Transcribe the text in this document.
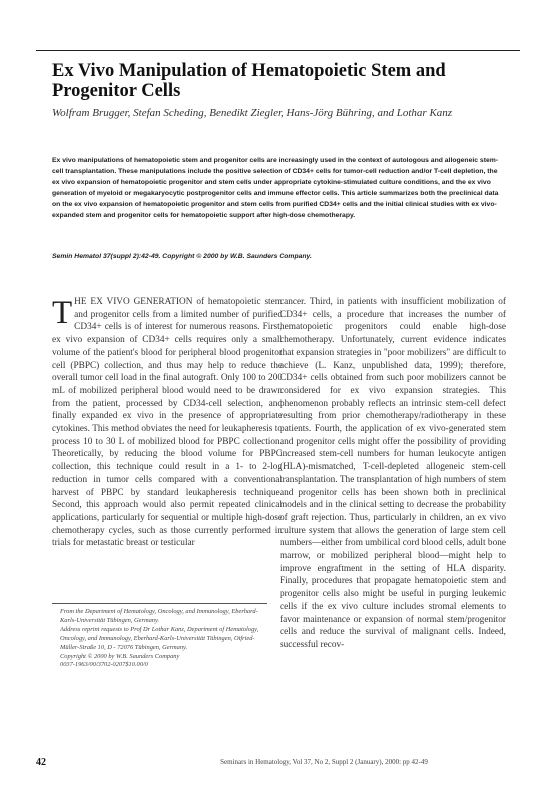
Ex Vivo Manipulation of Hematopoietic Stem and Progenitor Cells

Wolfram Brugger, Stefan Scheding, Benedikt Ziegler, Hans-Jörg Bühring, and Lothar Kanz

Ex vivo manipulations of hematopoietic stem and progenitor cells are increasingly used in the context of autologous and allogeneic stem-cell transplantation. These manipulations include the positive selection of CD34+ cells for tumor-cell reduction and/or T-cell depletion, the ex vivo expansion of hematopoietic progenitor and stem cells under appropriate cytokine-stimulated culture conditions, and the ex vivo generation of myeloid or megakaryocytic postprogenitor cells and immune effector cells. This article summarizes both the preclinical data on the ex vivo expansion of hematopoietic progenitor and stem cells from purified CD34+ cells and the initial clinical studies with ex vivo- expanded stem and progenitor cells for hematopoietic support after high-dose chemotherapy.

Semin Hematol 37(suppl 2):42-49. Copyright © 2000 by W.B. Saunders Company.

T HE EX VIVO GENERATION of hematopoietic stem and progenitor cells from a limited number of purified CD34+ cells is of interest for numerous reasons. First, ex vivo expansion of CD34+ cells requires only a small volume of the patient's blood for peripheral blood progenitor cell (PBPC) collection, and thus may help to reduce the overall tumor cell load in the final autograft. Only 100 to 200 mL of mobilized peripheral blood would need to be drawn from the patient, processed by CD34-cell selection, and finally expanded ex vivo in the presence of appropriate cytokines. This method obviates the need for leukapheresis to process 10 to 30 L of mobilized blood for PBPC collection. Theoretically, by reducing the blood volume for PBPC collection, this technique could result in a 1- to 2-log reduction in tumor cells compared with a conventional harvest of PBPC by standard leukapheresis technique. Second, this approach would also permit repeated clinical applications, particularly for sequential or multiple high-dose chemotherapy cycles, such as those currently performed in trials for metastatic breast or testicular

cancer. Third, in patients with insufficient mobilization of CD34+ cells, a procedure that increases the number of hematopoietic progenitors could enable high-dose chemotherapy. Unfortunately, current evidence indicates that expansion strategies in "poor mobilizers" are difficult to achieve (L. Kanz, unpublished data, 1999); therefore, CD34+ cells obtained from such poor mobilizers cannot be considered for ex vivo expansion strategies. This phenomenon probably reflects an intrinsic stem-cell defect resulting from prior chemotherapy/radiotherapy in these patients. Fourth, the application of ex vivo-generated stem and progenitor cells might offer the possibility of providing increased stem-cell numbers for human leukocyte antigen (HLA)-mismatched, T-cell-depleted allogeneic stem-cell transplantation. The transplantation of high numbers of stem and progenitor cells has been shown both in preclinical models and in the clinical setting to decrease the probability of graft rejection. Thus, particularly in children, an ex vivo culture system that allows the generation of large stem cell numbers—either from umbilical cord blood cells, adult bone marrow, or mobilized peripheral blood—might help to improve engraftment in the setting of HLA disparity. Finally, procedures that propagate hematopoietic stem and progenitor cells also might be useful in purging leukemic cells if the ex vivo culture includes stromal elements to favor maintenance or expansion of normal stem/progenitor cells and reduce the survival of malignant cells. Indeed, successful recov-

From the Department of Hematology, Oncology, and Immunology, Eberhard-Karls-Universität Tübingen, Germany.
Address reprint requests to Prof Dr Lothar Kanz, Department of Hematology, Oncology, and Immunology, Eberhard-Karls-Universität Tübingen, Otfried-Müller-Straße 10, D - 72076 Tübingen, Germany.
Copyright © 2000 by W.B. Saunders Company
0037-1963/00/3702-0207$10.00/0
42	Seminars in Hematology, Vol 37, No 2, Suppl 2 (January), 2000: pp 42-49
